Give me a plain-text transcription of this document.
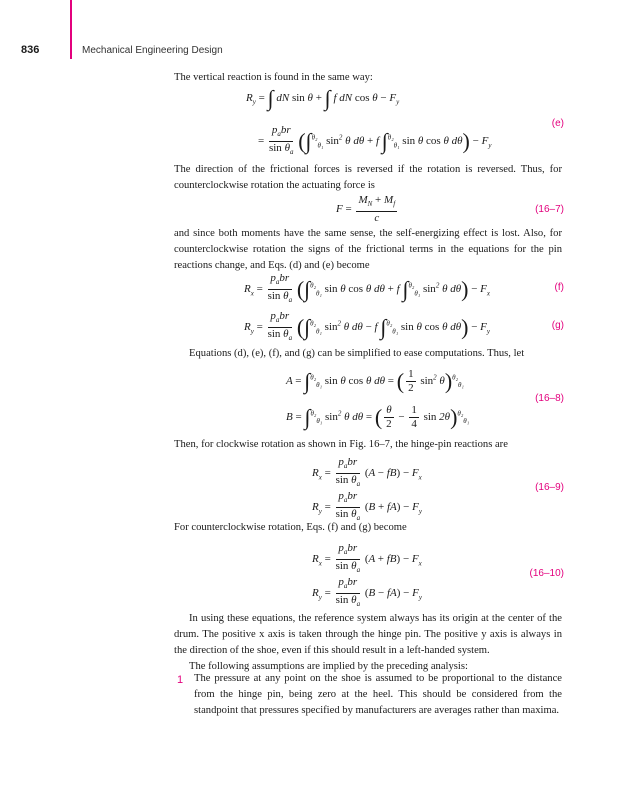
836	Mechanical Engineering Design
The vertical reaction is found in the same way:
$R_y$ = ∫ dN sin θ + ∫ f dN $\cos \theta - F_y$
= $\frac{p_abr}{\sin \theta_a} (\int^{\theta_2}_{\theta_1}$ $\sin^2 \theta$ dθ + f ∫$^{\theta_2}_{\theta_1}$ sin θ cos θ $d\theta) - F_y$
(e)
The direction of the frictional forces is reversed if the rotation is reversed. Thus, for counterclockwise rotation the actuating force is
$F = \frac{M_N + M_f}{c}$	(16–7)
and since both moments have the same sense, the self-energizing effect is lost. Also, for counterclockwise rotation the signs of the frictional terms in the equations for the pin reactions change, and Eqs. (d) and (e) become
$R_x = \frac{p_abr}{\sin \theta_a} (\int^{\theta_2}_{\theta_1}$ sin θ cos θ dθ + f ∫$^{\theta_2}_{\theta_1}$ $\sin^2 \theta$ $d\theta) - F_x$
(f)
$R_y = \frac{p_abr}{\sin \theta_a} (\int^{\theta_2}_{\theta_1}$ $\sin^2 \theta$ dθ − f ∫$^{\theta_2}_{\theta_1}$ sin θ cos θ $d\theta) - F_y$
(g)
Equations (d), (e), (f), and (g) can be simplified to ease computations. Thus, let
A = ∫$^{\theta_2}_{\theta_1}$ sin θ cos θ dθ = ( $\frac{1}{2} \sin^2 \theta)^{\theta_2}_{\theta_1}$
B = ∫$^{\theta_2}_{\theta_1}$ $\sin^2 \theta$ dθ = ( $\frac{\theta}{2} - \frac{1}{4}$ sin 2θ)$^{\theta_2}_{\theta_1}$
(16–8)
Then, for clockwise rotation as shown in Fig. 16–7, the hinge-pin reactions are
$R_x = \frac{p_abr}{\sin \theta_a} (A - fB) - F_x$
$R_y = \frac{p_abr}{\sin \theta_a} (B + fA) - F_y$
(16–9)
For counterclockwise rotation, Eqs. (f) and (g) become
$R_x = \frac{p_abr}{\sin \theta_a} (A + fB) - F_x$
$R_y = \frac{p_abr}{\sin \theta_a} (B - fA) - F_y$
(16–10)
In using these equations, the reference system always has its origin at the center of the drum. The positive x axis is taken through the hinge pin. The positive y axis is always in the direction of the shoe, even if this should result in a left-handed system.
The following assumptions are implied by the preceding analysis:
1 The pressure at any point on the shoe is assumed to be proportional to the distance from the hinge pin, being zero at the heel. This should be considered from the standpoint that pressures specified by manufacturers are averages rather than maxima.
